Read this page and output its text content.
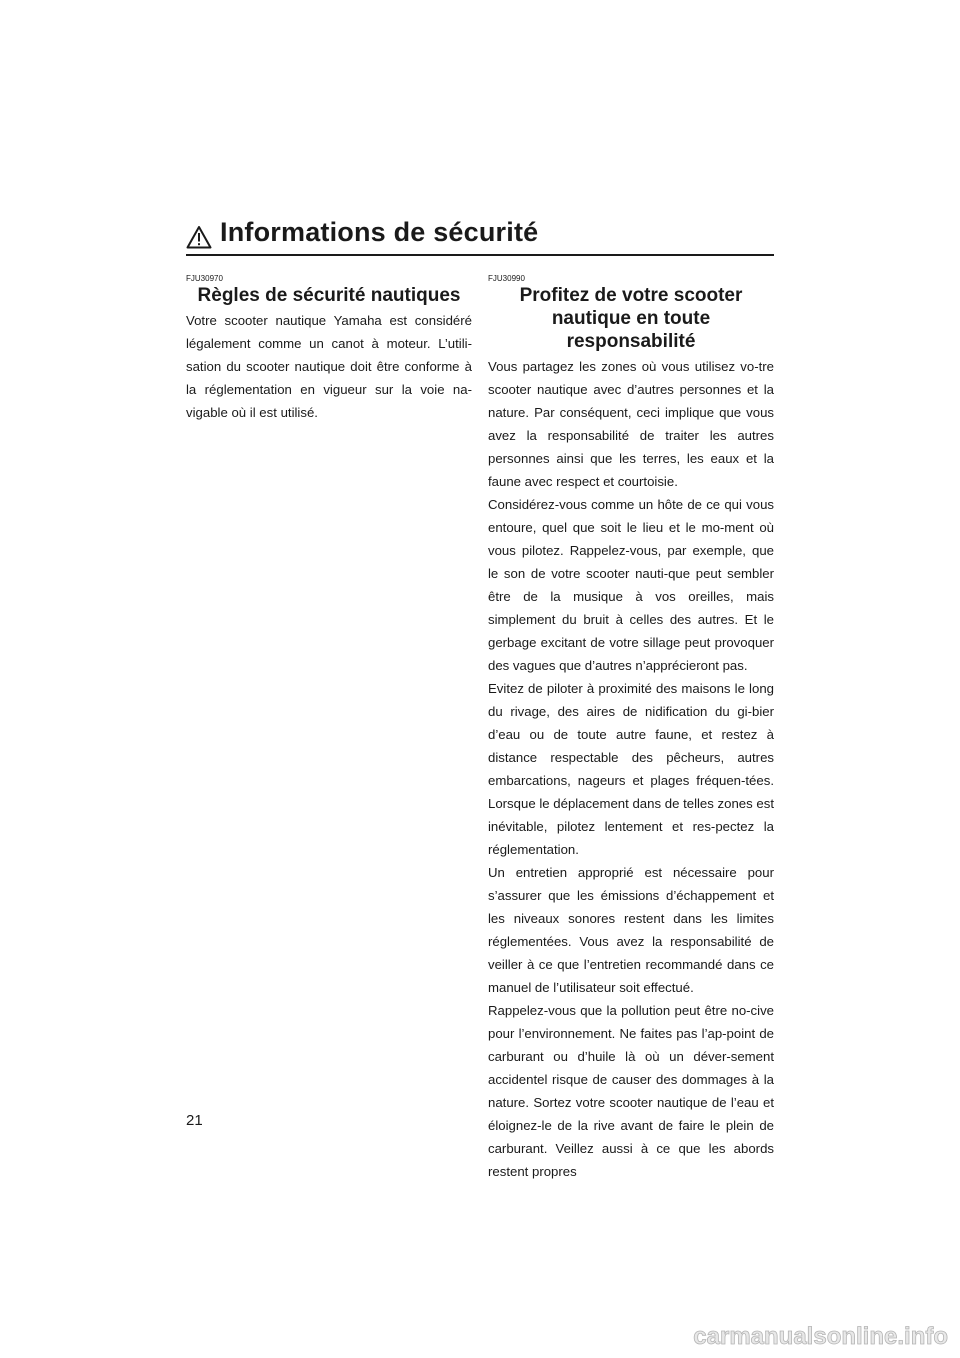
Informations de sécurité
FJU30970
Règles de sécurité nautiques

Votre scooter nautique Yamaha est considéré légalement comme un canot à moteur. L’utili-sation du scooter nautique doit être conforme à la réglementation en vigueur sur la voie na-vigable où il est utilisé.

FJU30990
Profitez de votre scooter nautique en toute responsabilité

Vous partagez les zones où vous utilisez vo-tre scooter nautique avec d’autres personnes et la nature. Par conséquent, ceci implique que vous avez la responsabilité de traiter les autres personnes ainsi que les terres, les eaux et la faune avec respect et courtoisie.

Considérez-vous comme un hôte de ce qui vous entoure, quel que soit le lieu et le mo-ment où vous pilotez. Rappelez-vous, par exemple, que le son de votre scooter nauti-que peut sembler être de la musique à vos oreilles, mais simplement du bruit à celles des autres. Et le gerbage excitant de votre sillage peut provoquer des vagues que d’autres n’apprécieront pas.

Evitez de piloter à proximité des maisons le long du rivage, des aires de nidification du gi-bier d’eau ou de toute autre faune, et restez à distance respectable des pêcheurs, autres embarcations, nageurs et plages fréquen-tées. Lorsque le déplacement dans de telles zones est inévitable, pilotez lentement et res-pectez la réglementation.

Un entretien approprié est nécessaire pour s’assurer que les émissions d’échappement et les niveaux sonores restent dans les limites réglementées. Vous avez la responsabilité de veiller à ce que l’entretien recommandé dans ce manuel de l’utilisateur soit effectué.

Rappelez-vous que la pollution peut être no-cive pour l’environnement. Ne faites pas l’ap-point de carburant ou d’huile là où un déver-sement accidentel risque de causer des dommages à la nature. Sortez votre scooter nautique de l’eau et éloignez-le de la rive avant de faire le plein de carburant. Veillez aussi à ce que les abords restent propres

21
carmanualsonline.info
